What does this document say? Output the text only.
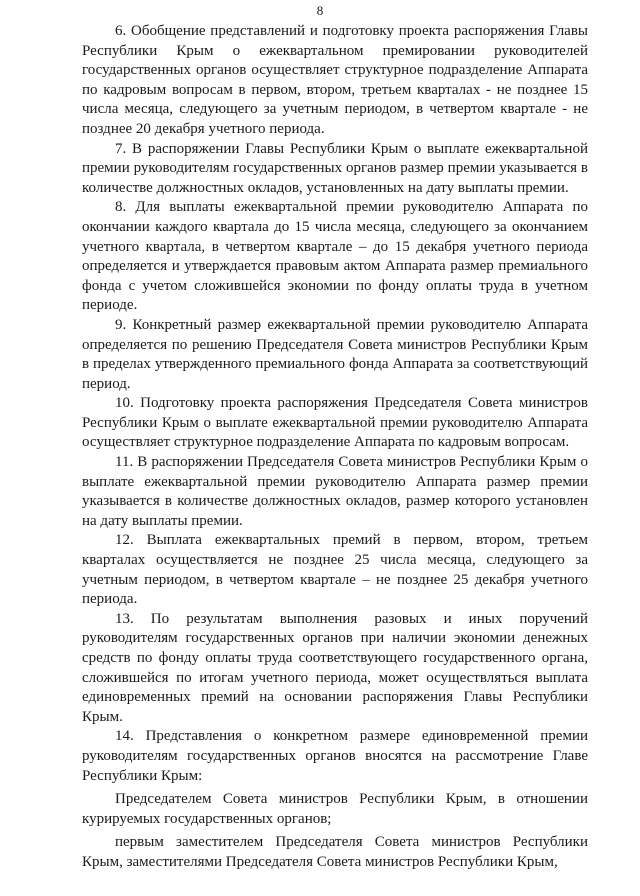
8

6. Обобщение представлений и подготовку проекта распоряжения Главы Республики Крым о ежеквартальном премировании руководителей государственных органов осуществляет структурное подразделение Аппарата по кадровым вопросам в первом, втором, третьем кварталах - не позднее 15 числа месяца, следующего за учетным периодом, в четвертом квартале - не позднее 20 декабря учетного периода.

7. В распоряжении Главы Республики Крым о выплате ежеквартальной премии руководителям государственных органов размер премии указывается в количестве должностных окладов, установленных на дату выплаты премии.

8. Для выплаты ежеквартальной премии руководителю Аппарата по окончании каждого квартала до 15 числа месяца, следующего за окончанием учетного квартала, в четвертом квартале – до 15 декабря учетного периода определяется и утверждается правовым актом Аппарата размер премиального фонда с учетом сложившейся экономии по фонду оплаты труда в учетном периоде.

9. Конкретный размер ежеквартальной премии руководителю Аппарата определяется по решению Председателя Совета министров Республики Крым в пределах утвержденного премиального фонда Аппарата за соответствующий период.

10. Подготовку проекта распоряжения Председателя Совета министров Республики Крым о выплате ежеквартальной премии руководителю Аппарата осуществляет структурное подразделение Аппарата по кадровым вопросам.

11. В распоряжении Председателя Совета министров Республики Крым о выплате ежеквартальной премии руководителю Аппарата размер премии указывается в количестве должностных окладов, размер которого установлен на дату выплаты премии.

12. Выплата ежеквартальных премий в первом, втором, третьем кварталах осуществляется не позднее 25 числа месяца, следующего за учетным периодом, в четвертом квартале – не позднее 25 декабря учетного периода.

13. По результатам выполнения разовых и иных поручений руководителям государственных органов при наличии экономии денежных средств по фонду оплаты труда соответствующего государственного органа, сложившейся по итогам учетного периода, может осуществляться выплата единовременных премий на основании распоряжения Главы Республики Крым.

14. Представления о конкретном размере единовременной премии руководителям государственных органов вносятся на рассмотрение Главе Республики Крым:

Председателем Совета министров Республики Крым, в отношении курируемых государственных органов;

первым заместителем Председателя Совета министров Республики Крым, заместителями Председателя Совета министров Республики Крым,
